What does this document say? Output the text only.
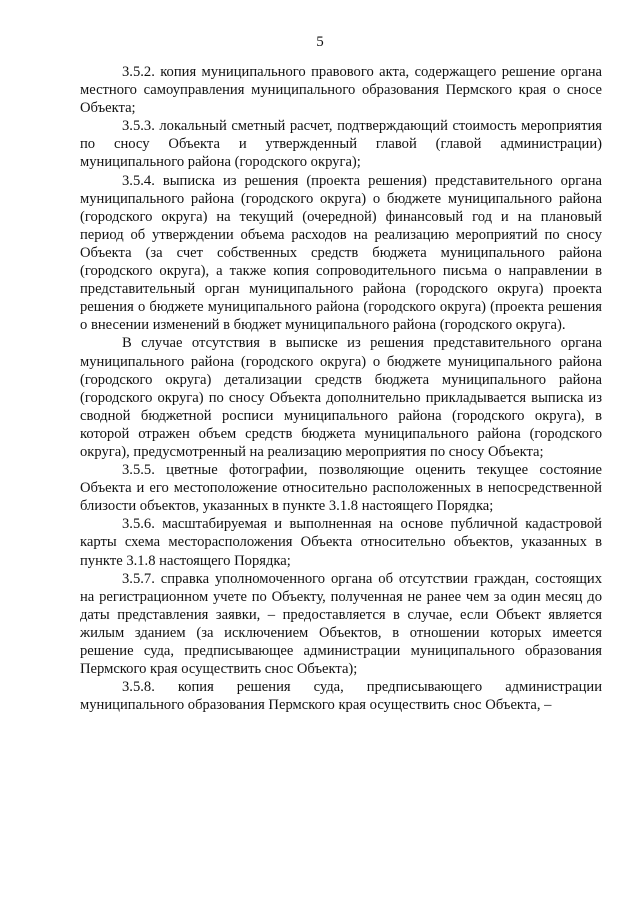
5

3.5.2. копия муниципального правового акта, содержащего решение органа местного самоуправления муниципального образования Пермского края о сносе Объекта;

3.5.3. локальный сметный расчет, подтверждающий стоимость мероприятия по сносу Объекта и утвержденный главой (главой администрации) муниципального района (городского округа);

3.5.4. выписка из решения (проекта решения) представительного органа муниципального района (городского округа) о бюджете муниципального района (городского округа) на текущий (очередной) финансовый год и на плановый период об утверждении объема расходов на реализацию мероприятий по сносу Объекта (за счет собственных средств бюджета муниципального района (городского округа), а также копия сопроводительного письма о направлении в представительный орган муниципального района (городского округа) проекта решения о бюджете муниципального района (городского округа) (проекта решения о внесении изменений в бюджет муниципального района (городского округа).

В случае отсутствия в выписке из решения представительного органа муниципального района (городского округа) о бюджете муниципального района (городского округа) детализации средств бюджета муниципального района (городского округа) по сносу Объекта дополнительно прикладывается выписка из сводной бюджетной росписи муниципального района (городского округа), в которой отражен объем средств бюджета муниципального района (городского округа), предусмотренный на реализацию мероприятия по сносу Объекта;

3.5.5. цветные фотографии, позволяющие оценить текущее состояние Объекта и его местоположение относительно расположенных в непосредственной близости объектов, указанных в пункте 3.1.8 настоящего Порядка;

3.5.6. масштабируемая и выполненная на основе публичной кадастровой карты схема месторасположения Объекта относительно объектов, указанных в пункте 3.1.8 настоящего Порядка;

3.5.7. справка уполномоченного органа об отсутствии граждан, состоящих на регистрационном учете по Объекту, полученная не ранее чем за один месяц до даты представления заявки, – предоставляется в случае, если Объект является жилым зданием (за исключением Объектов, в отношении которых имеется решение суда, предписывающее администрации муниципального образования Пермского края осуществить снос Объекта);

3.5.8. копия решения суда, предписывающего администрации муниципального образования Пермского края осуществить снос Объекта, –
